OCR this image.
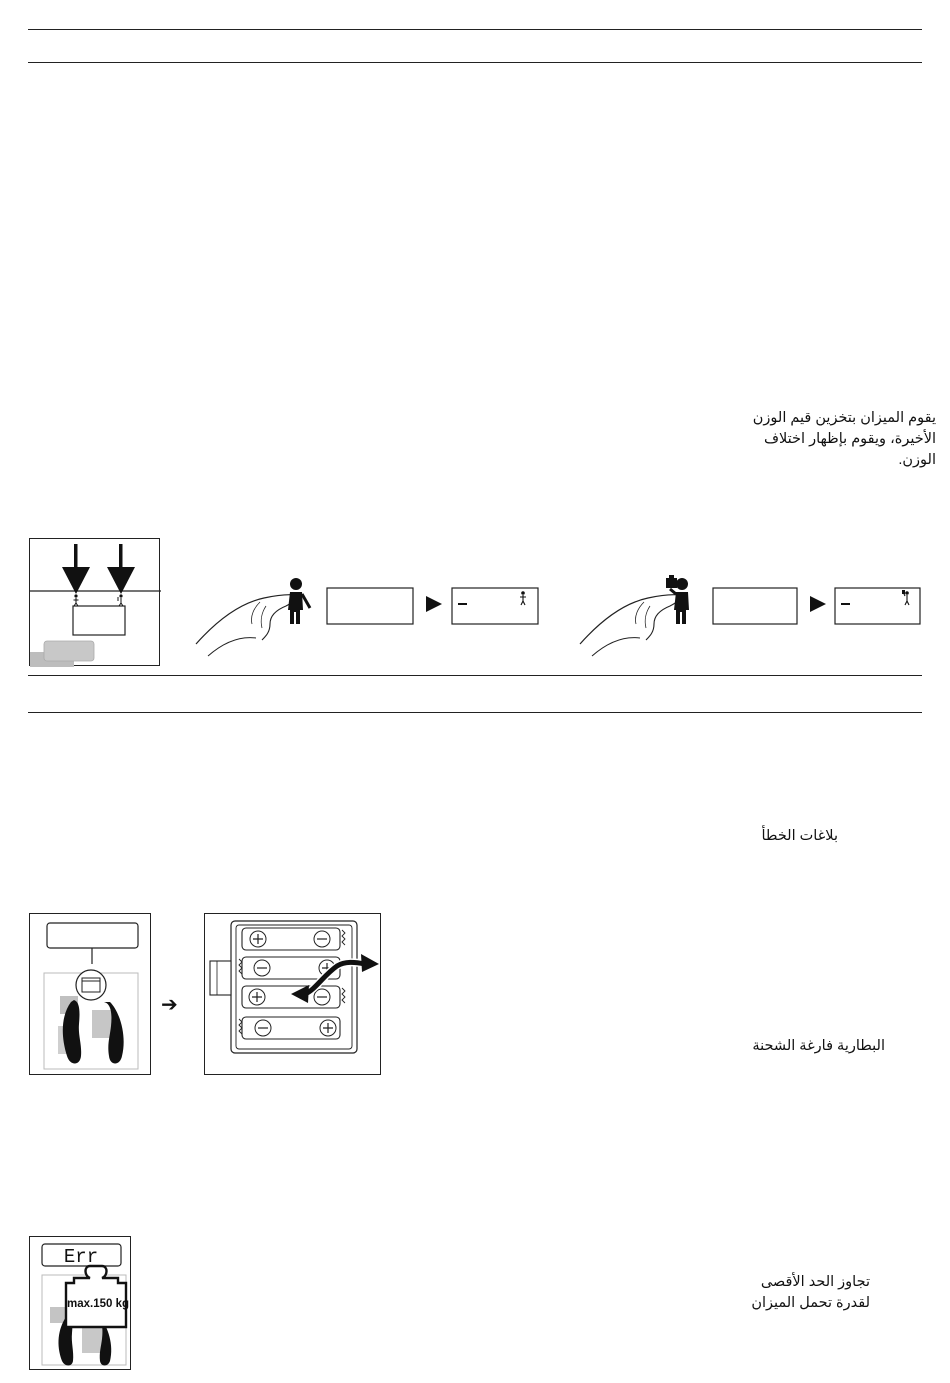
يقوم الميزان بتخزين قيم الوزن
الأخيرة، ويقوم بإظهار اختلاف
الوزن.
بلاغات الخطأ
➔
البطارية فارغة الشحنة
Err
max.150 kg
تجاوز الحد الأقصى
لقدرة تحمل الميزان
